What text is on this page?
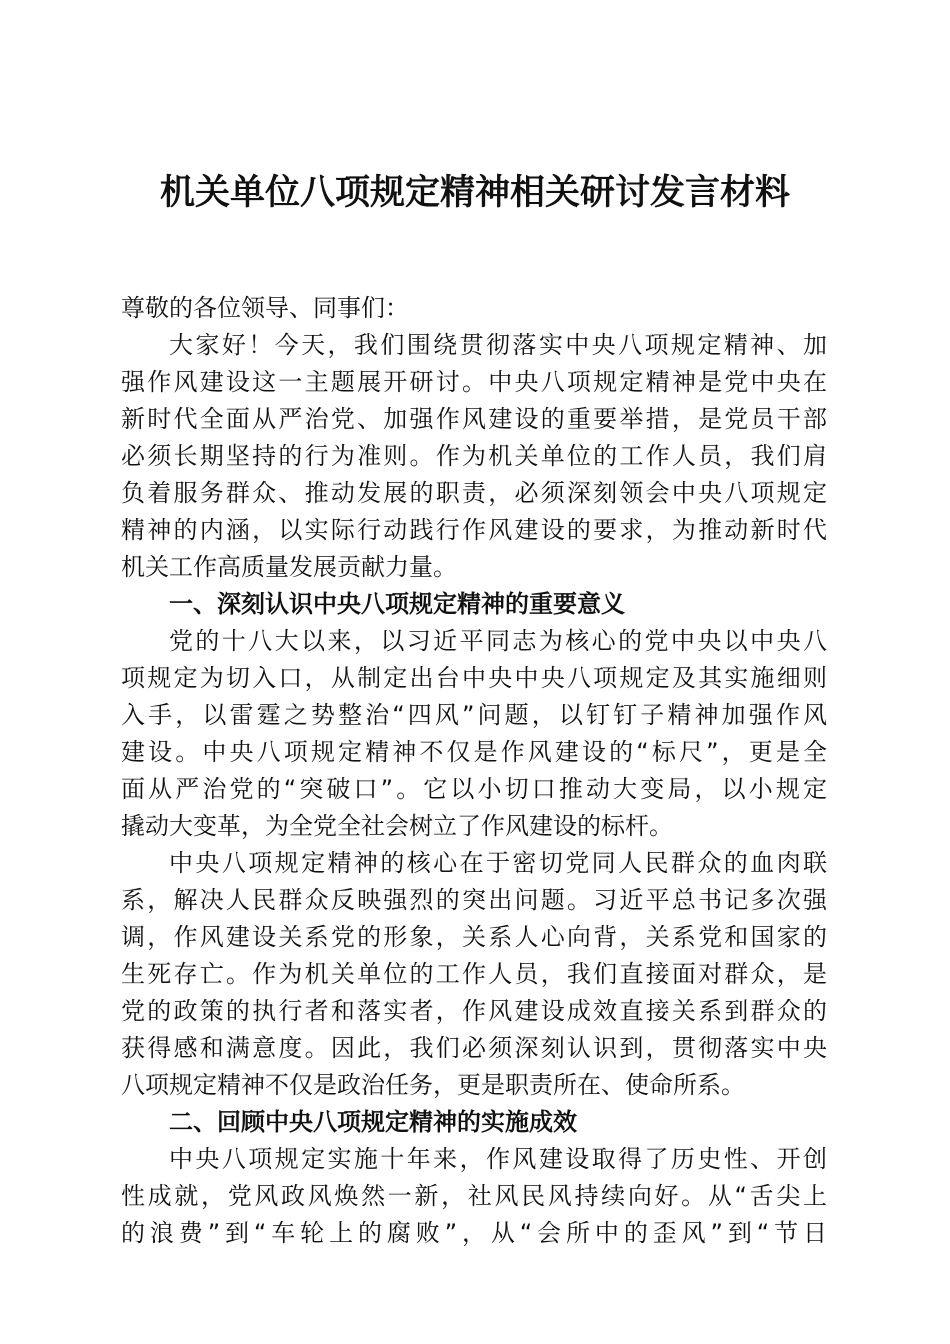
机关单位八项规定精神相关研讨发言材料
尊敬的各位领导、同事们：
大家好！今天，我们围绕贯彻落实中央八项规定精神、加
强作风建设这一主题展开研讨。中央八项规定精神是党中央在
新时代全面从严治党、加强作风建设的重要举措，是党员干部
必须长期坚持的行为准则。作为机关单位的工作人员，我们肩
负着服务群众、推动发展的职责，必须深刻领会中央八项规定
精神的内涵，以实际行动践行作风建设的要求，为推动新时代
机关工作高质量发展贡献力量。
一、深刻认识中央八项规定精神的重要意义
党的十八大以来，以习近平同志为核心的党中央以中央八
项规定为切入口，从制定出台中央中央八项规定及其实施细则
入手，以雷霆之势整治“四风”问题，以钉钉子精神加强作风
建设。中央八项规定精神不仅是作风建设的“标尺”，更是全
面从严治党的“突破口”。它以小切口推动大变局，以小规定
撬动大变革，为全党全社会树立了作风建设的标杆。
中央八项规定精神的核心在于密切党同人民群众的血肉联
系，解决人民群众反映强烈的突出问题。习近平总书记多次强
调，作风建设关系党的形象，关系人心向背，关系党和国家的
生死存亡。作为机关单位的工作人员，我们直接面对群众，是
党的政策的执行者和落实者，作风建设成效直接关系到群众的
获得感和满意度。因此，我们必须深刻认识到，贯彻落实中央
八项规定精神不仅是政治任务，更是职责所在、使命所系。
二、回顾中央八项规定精神的实施成效
中央八项规定实施十年来，作风建设取得了历史性、开创
性成就，党风政风焕然一新，社风民风持续向好。从“舌尖上
的浪费”到“车轮上的腐败”，从“会所中的歪风”到“节日
